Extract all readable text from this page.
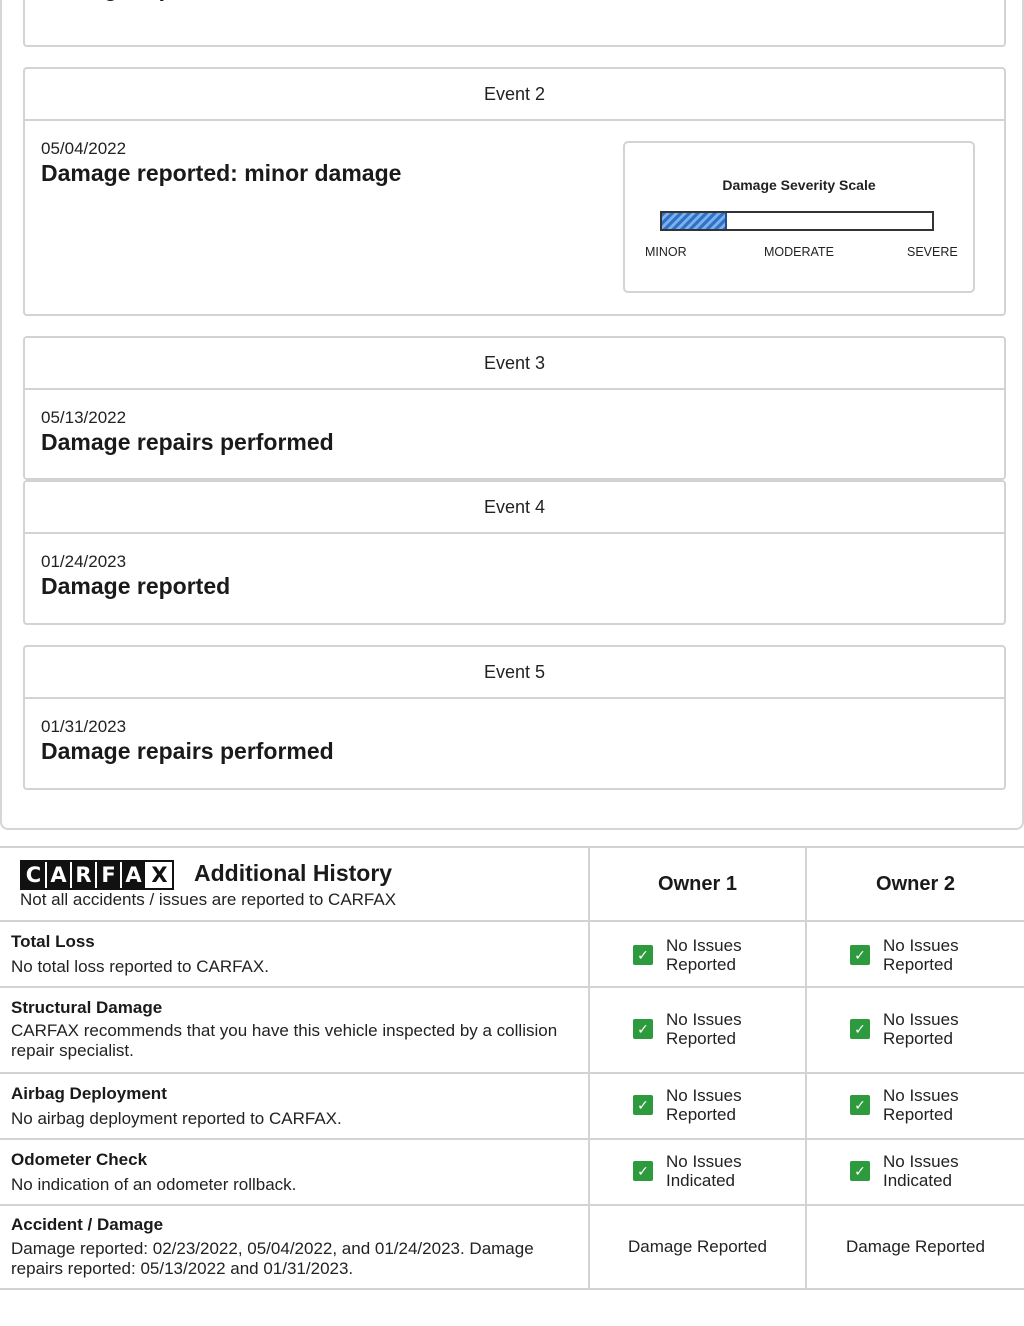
Event 2
05/04/2022
Damage reported: minor damage	Damage Severity Scale
MINOR	MODERATE	SEVERE
Event 3
05/13/2022
Damage repairs performed
Event 4
01/24/2023
Damage reported
Event 5
01/31/2023
Damage repairs performed
C A R F A X Additional History
Not all accidents / issues are reported to CARFAX
Owner 1	Owner 2
Total Loss
No total loss reported to CARFAX.
✓ No Issues Reported	✓ No Issues Reported
Structural Damage
CARFAX recommends that you have this vehicle inspected by a collision repair specialist.
✓ No Issues Reported	✓ No Issues Reported
Airbag Deployment
No airbag deployment reported to CARFAX.
✓ No Issues Reported	✓ No Issues Reported
Odometer Check
No indication of an odometer rollback.
✓ No Issues Indicated	✓ No Issues Indicated
Accident / Damage
Damage reported: 02/23/2022, 05/04/2022, and 01/24/2023. Damage repairs reported: 05/13/2022 and 01/31/2023.
Damage Reported	Damage Reported
